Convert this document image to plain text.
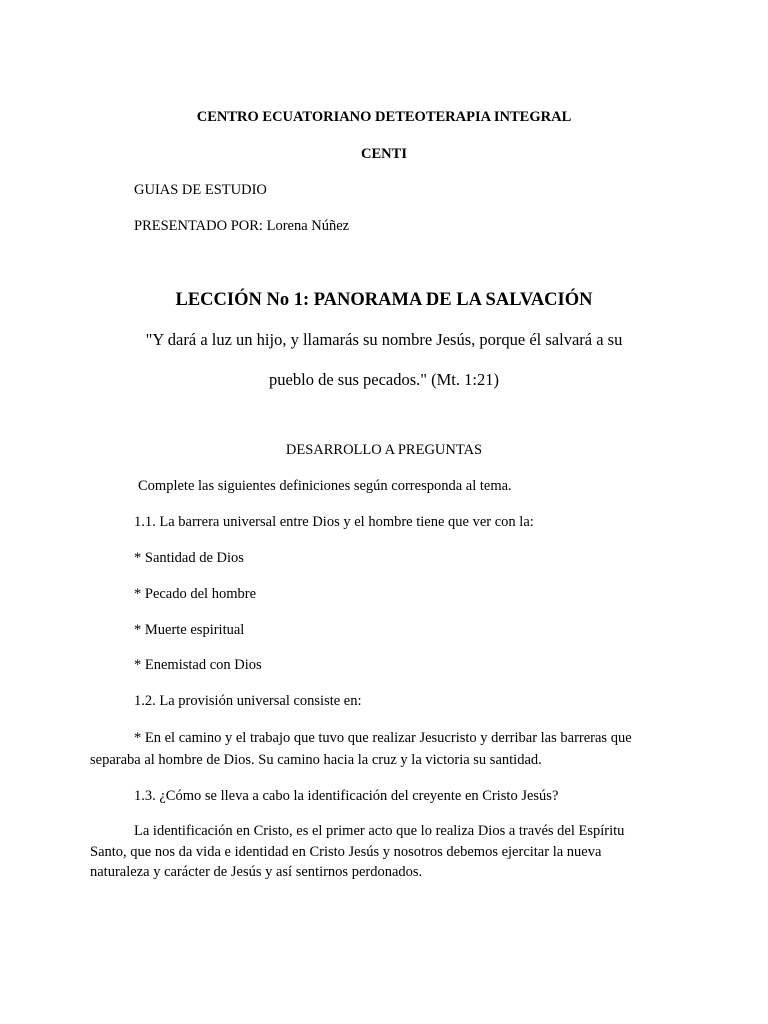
CENTRO ECUATORIANO DETEOTERAPIA INTEGRAL

CENTI

GUIAS DE ESTUDIO

PRESENTADO POR: Lorena Núñez

LECCIÓN No 1: PANORAMA DE LA SALVACIÓN

"Y dará a luz un hijo, y llamarás su nombre Jesús, porque él salvará a su

pueblo de sus pecados." (Mt. 1:21)

DESARROLLO A PREGUNTAS

Complete las siguientes definiciones según corresponda al tema.

1.1. La barrera universal entre Dios y el hombre tiene que ver con la:

* Santidad de Dios

* Pecado del hombre

* Muerte espiritual

* Enemistad con Dios

1.2. La provisión universal consiste en:

* En el camino y el trabajo que tuvo que realizar Jesucristo y derribar las barreras que

separaba al hombre de Dios. Su camino hacia la cruz y la victoria su santidad.

1.3. ¿Cómo se lleva a cabo la identificación del creyente en Cristo Jesús?

La identificación en Cristo, es el primer acto que lo realiza Dios a través del Espíritu

Santo, que nos da vida e identidad en Cristo Jesús y nosotros debemos ejercitar la nueva

naturaleza y carácter de Jesús y así sentirnos perdonados.
